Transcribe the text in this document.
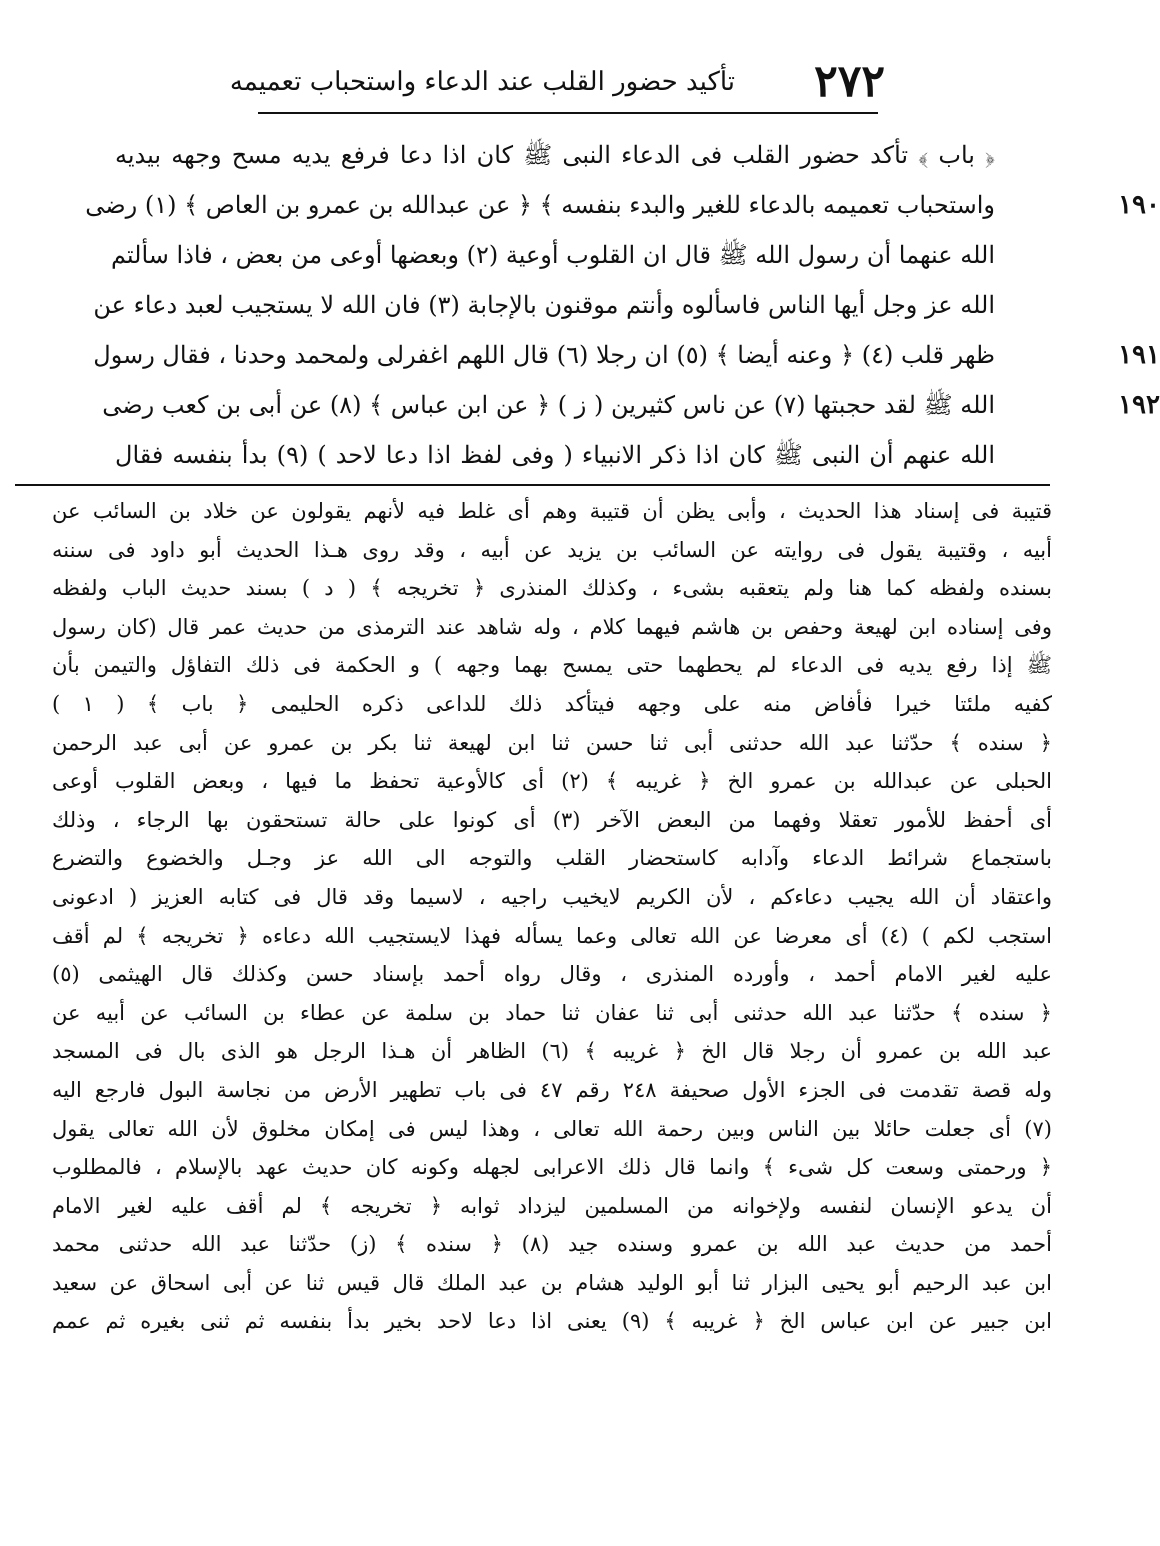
٢٧٢
تأكيد حضور القلب عند الدعاء واستحباب تعميمه
﴿ باب ﴾ تأكد حضور القلب فى الدعاء النبى ﷺ كان اذا دعا فرفع يديه مسح وجهه بيديه
١٩٠
واستحباب تعميمه بالدعاء للغير والبدء بنفسه ﴾ ﴿ عن عبدالله بن عمرو بن العاص ﴾ (١) رضى
الله عنهما أن رسول الله ﷺ قال ان القلوب أوعية (٢) وبعضها أوعى من بعض ، فاذا سألتم
الله عز وجل أيها الناس فاسألوه وأنتم موقنون بالإجابة (٣) فان الله لا يستجيب لعبد دعاء عن
١٩١
ظهر قلب (٤) ﴿ وعنه أيضا ﴾ (٥) ان رجلا (٦) قال اللهم اغفرلى ولمحمد وحدنا ، فقال رسول
١٩٢
الله ﷺ لقد حجبتها (٧) عن ناس كثيرين ( ز ) ﴿ عن ابن عباس ﴾ (٨) عن أبى بن كعب رضى
الله عنهم أن النبى ﷺ كان اذا ذكر الانبياء ( وفى لفظ اذا دعا لاحد ) (٩) بدأ بنفسه فقال
قتيبة فى إسناد هذا الحديث ، وأبى يظن أن قتيبة وهم أى غلط فيه لأنهم يقولون عن خلاد بن السائب عن
أبيه ، وقتيبة يقول فى روايته عن السائب بن يزيد عن أبيه ، وقد روى هـذا الحديث أبو داود فى سننه
بسنده ولفظه كما هنا ولم يتعقبه بشىء ، وكذلك المنذرى ﴿ تخريجه ﴾ ( د ) بسند حديث الباب ولفظه
وفى إسناده ابن لهيعة وحفص بن هاشم فيهما كلام ، وله شاهد عند الترمذى من حديث عمر قال (كان رسول
ﷺ إذا رفع يديه فى الدعاء لم يحطهما حتى يمسح بهما وجهه ) و الحكمة فى ذلك التفاؤل والتيمن بأن
كفيه ملئتا خيرا فأفاض منه على وجهه فيتأكد ذلك للداعى ذكره الحليمى ﴿ باب ﴾ ( ١ )
﴿ سنده ﴾ حدّثنا عبد الله حدثنى أبى ثنا حسن ثنا ابن لهيعة ثنا بكر بن عمرو عن أبى عبد الرحمن
الحبلى عن عبدالله بن عمرو الخ ﴿ غريبه ﴾ (٢) أى كالأوعية تحفظ ما فيها ، وبعض القلوب أوعى
أى أحفظ للأمور تعقلا وفهما من البعض الآخر (٣) أى كونوا على حالة تستحقون بها الرجاء ، وذلك
باستجماع شرائط الدعاء وآدابه كاستحضار القلب والتوجه الى الله عز وجـل والخضوع والتضرع
واعتقاد أن الله يجيب دعاءكم ، لأن الكريم لايخيب راجيه ، لاسيما وقد قال فى كتابه العزيز ( ادعونى
استجب لكم ) (٤) أى معرضا عن الله تعالى وعما يسأله فهذا لايستجيب الله دعاءه ﴿ تخريجه ﴾ لم أقف
عليه لغير الامام أحمد ، وأورده المنذرى ، وقال رواه أحمد بإسناد حسن وكذلك قال الهيثمى (٥)
﴿ سنده ﴾ حدّثنا عبد الله حدثنى أبى ثنا عفان ثنا حماد بن سلمة عن عطاء بن السائب عن أبيه عن
عبد الله بن عمرو أن رجلا قال الخ ﴿ غريبه ﴾ (٦) الظاهر أن هـذا الرجل هو الذى بال فى المسجد
وله قصة تقدمت فى الجزء الأول صحيفة ٢٤٨ رقم ٤٧ فى باب تطهير الأرض من نجاسة البول فارجع اليه
(٧) أى جعلت حائلا بين الناس وبين رحمة الله تعالى ، وهذا ليس فى إمكان مخلوق لأن الله تعالى يقول
﴿ ورحمتى وسعت كل شىء ﴾ وانما قال ذلك الاعرابى لجهله وكونه كان حديث عهد بالإسلام ، فالمطلوب
أن يدعو الإنسان لنفسه ولإخوانه من المسلمين ليزداد ثوابه ﴿ تخريجه ﴾ لم أقف عليه لغير الامام
أحمد من حديث عبد الله بن عمرو وسنده جيد (٨) ﴿ سنده ﴾ (ز) حدّثنا عبد الله حدثنى محمد
ابن عبد الرحيم أبو يحيى البزار ثنا أبو الوليد هشام بن عبد الملك قال قيس ثنا عن أبى اسحاق عن سعيد
ابن جبير عن ابن عباس الخ ﴿ غريبه ﴾ (٩) يعنى اذا دعا لاحد بخير بدأ بنفسه ثم ثنى بغيره ثم عمم
